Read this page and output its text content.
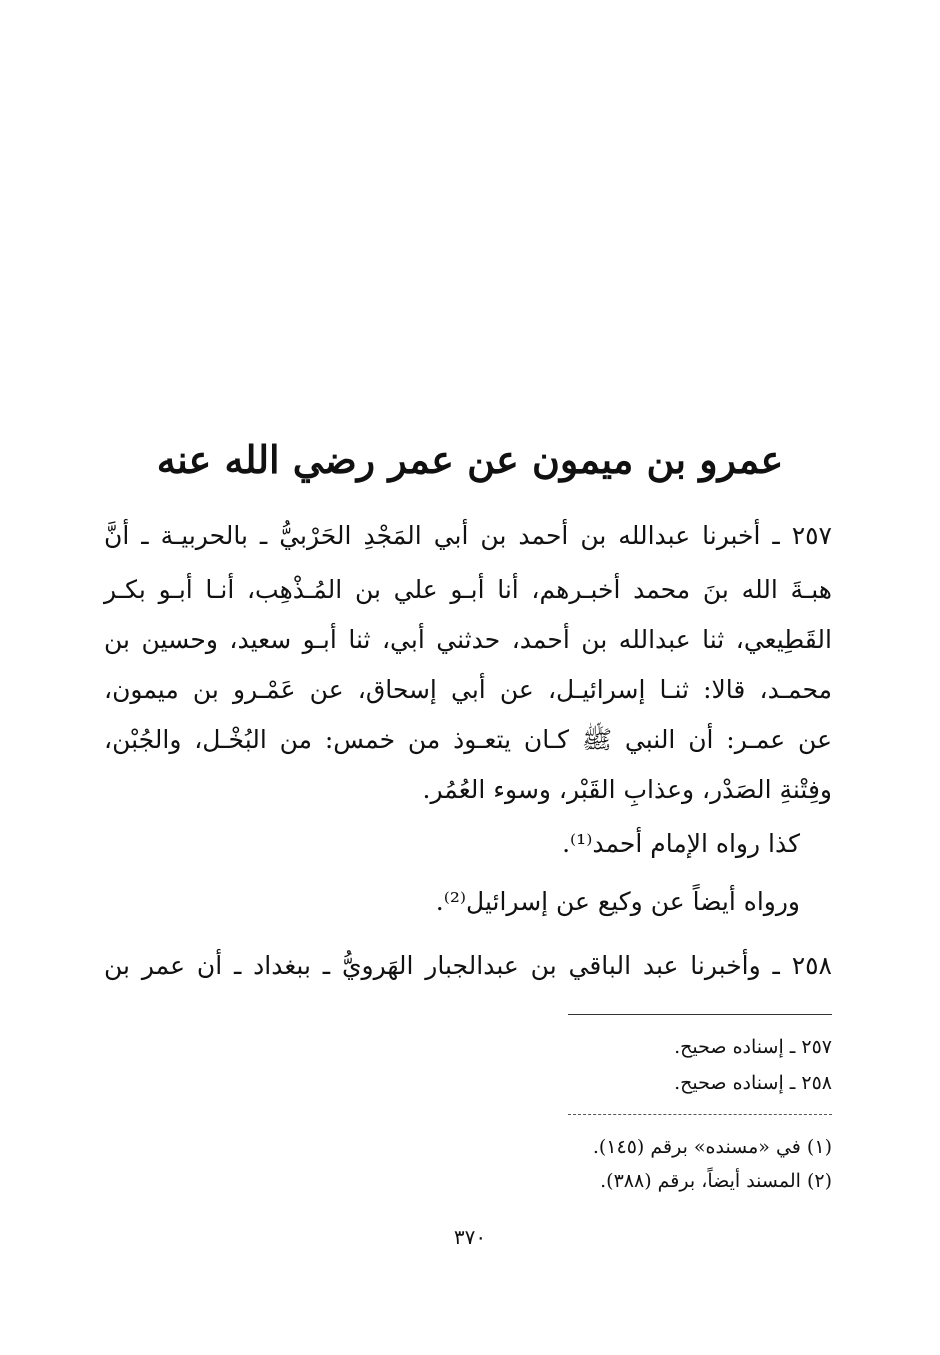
عمرو بن ميمون عن عمر رضي الله عنه
٢٥٧ ـ أخبرنا عبدالله بن أحمد بن أبي المَجْدِ الحَرْبيُّ ـ بالحربيـة ـ أنَّ
هبـةَ الله بنَ محمد أخبـرهم، أنا أبـو علي بن المُـذْهِب، أنـا أبـو بكـر
القَطِيعي، ثنا عبدالله بن أحمد، حدثني أبي، ثنا أبـو سعيد، وحسين بن
محمـد، قالا: ثنـا إسرائيـل، عن أبي إسحاق، عن عَمْـرو بن ميمون،
عن عمـر: أن النبي ﷺ كـان يتعـوذ من خمس: من البُخْـل، والجُبْن،
وفِتْنةِ الصَدْر، وعذابِ القَبْر، وسوء العُمُر.
كذا رواه الإمام أحمد⁽¹⁾.
ورواه أيضاً عن وكيع عن إسرائيل⁽²⁾.
٢٥٨ ـ وأخبرنا عبد الباقي بن عبدالجبار الهَرويُّ ـ ببغداد ـ أن عمر بن
٢٥٧ ـ إسناده صحيح.
٢٥٨ ـ إسناده صحيح.
(١) في «مسنده» برقم (١٤٥).
(٢) المسند أيضاً، برقم (٣٨٨).
٣٧٠
